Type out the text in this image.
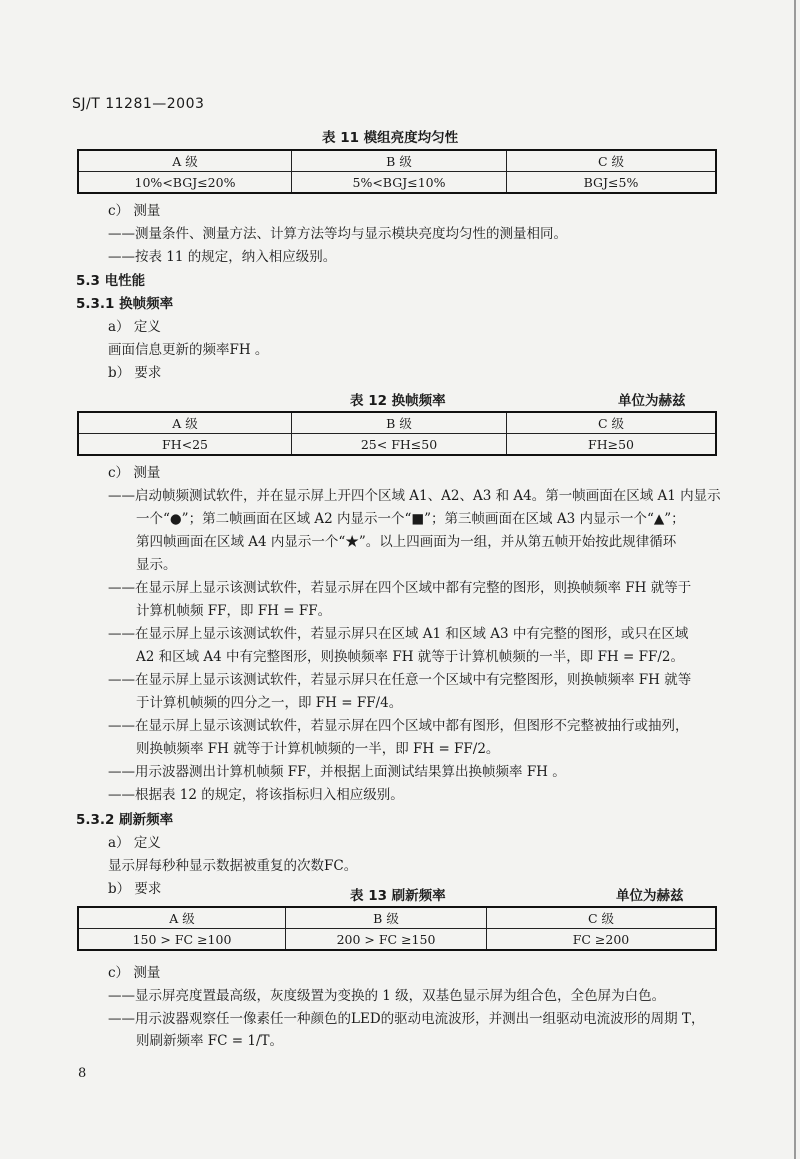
SJ/T 11281—2003
表 11 模组亮度均匀性
A 级	B 级	C 级
10%<BGJ≤20%	5%<BGJ≤10%	BGJ≤5%
c） 测量
——测量条件、测量方法、计算方法等均与显示模块亮度均匀性的测量相同。
——按表 11 的规定，纳入相应级别。
5.3 电性能
5.3.1 换帧频率
a） 定义
画面信息更新的频率FH 。
b） 要求
表 12 换帧频率	单位为赫兹
A 级	B 级	C 级
FH<25	25< FH≤50	FH≥50
c） 测量
——启动帧频测试软件，并在显示屏上开四个区域 A1、A2、A3 和 A4。第一帧画面在区域 A1 内显示
一个“●”；第二帧画面在区域 A2 内显示一个“■”；第三帧画面在区域 A3 内显示一个“▲”；
第四帧画面在区域 A4 内显示一个“★”。以上四画面为一组，并从第五帧开始按此规律循环
显示。
——在显示屏上显示该测试软件，若显示屏在四个区域中都有完整的图形，则换帧频率 FH 就等于
计算机帧频 FF，即 FH = FF。
——在显示屏上显示该测试软件，若显示屏只在区域 A1 和区域 A3 中有完整的图形，或只在区域
A2 和区域 A4 中有完整图形，则换帧频率 FH 就等于计算机帧频的一半，即 FH = FF/2。
——在显示屏上显示该测试软件，若显示屏只在任意一个区域中有完整图形，则换帧频率 FH 就等
于计算机帧频的四分之一，即 FH = FF/4。
——在显示屏上显示该测试软件，若显示屏在四个区域中都有图形，但图形不完整被抽行或抽列，
则换帧频率 FH 就等于计算机帧频的一半，即 FH = FF/2。
——用示波器测出计算机帧频 FF，并根据上面测试结果算出换帧频率 FH 。
——根据表 12 的规定，将该指标归入相应级别。
5.3.2 刷新频率
a） 定义
显示屏每秒种显示数据被重复的次数FC。
b） 要求	表 13 刷新频率	单位为赫兹
A 级	B 级	C 级
150 > FC ≥100	200 > FC ≥150	FC ≥200
c） 测量
——显示屏亮度置最高级，灰度级置为变换的 1 级，双基色显示屏为组合色，全色屏为白色。
——用示波器观察任一像素任一种颜色的LED的驱动电流波形，并测出一组驱动电流波形的周期 T，
则刷新频率 FC = 1/T。
8
